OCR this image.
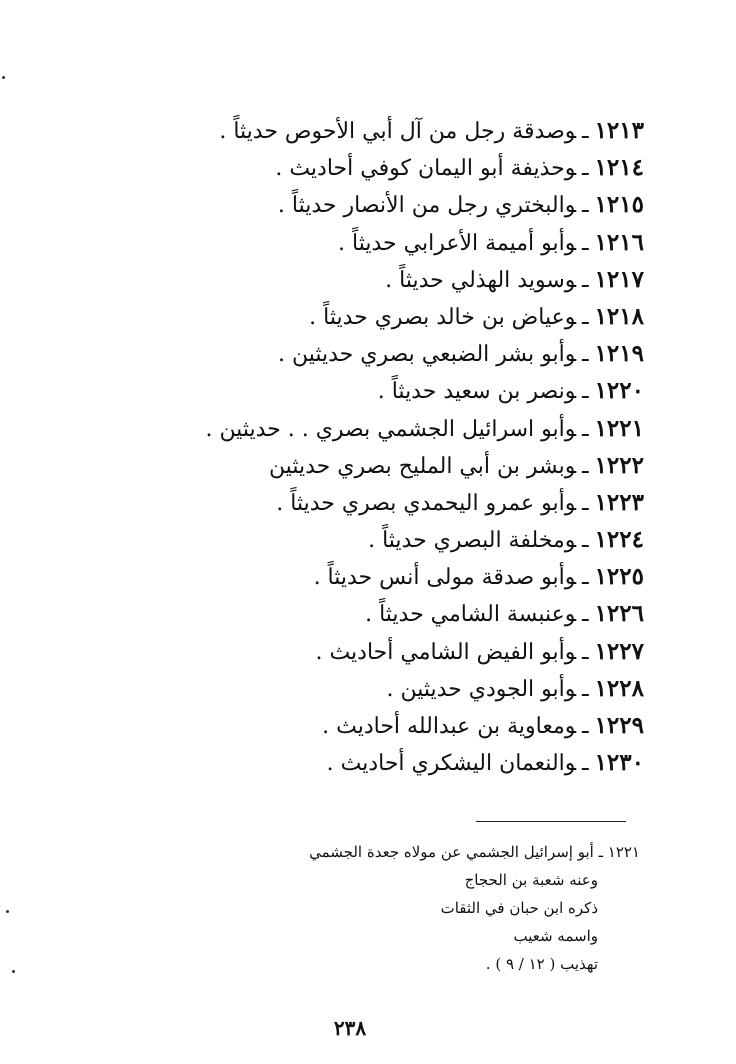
١٢١٣ـوصدقة رجل من آل أبي الأحوص حديثاً .
١٢١٤ـوحذيفة أبو اليمان كوفي أحاديث .
١٢١٥ـوالبختري رجل من الأنصار حديثاً .
١٢١٦ـوأبو أميمة الأعرابي حديثاً .
١٢١٧ـوسويد الهذلي حديثاً .
١٢١٨ـوعياض بن خالد بصري حديثاً .
١٢١٩ـوأبو بشر الضبعي بصري حديثين .
١٢٢٠ـونصر بن سعيد حديثاً .
١٢٢١ـوأبو اسرائيل الجشمي بصري . . حديثين .
١٢٢٢ـوبشر بن أبي المليح بصري حديثين
١٢٢٣ـوأبو عمرو اليحمدي بصري حديثاً .
١٢٢٤ـومخلفة البصري حديثاً .
١٢٢٥ـوأبو صدقة مولى أنس حديثاً .
١٢٢٦ـوعنبسة الشامي حديثاً .
١٢٢٧ـوأبو الفيض الشامي أحاديث .
١٢٢٨ـوأبو الجودي حديثين .
١٢٢٩ـومعاوية بن عبدالله أحاديث .
١٢٣٠ـوالنعمان اليشكري أحاديث .
١٢٢١ ـ أبو إسرائيل الجشمي عن مولاه جعدة الجشمي
وعنه شعبة بن الحجاج
ذكره ابن حبان في الثقات
واسمه شعيب
تهذيب ( ١٢ / ٩ ) .
٢٣٨
